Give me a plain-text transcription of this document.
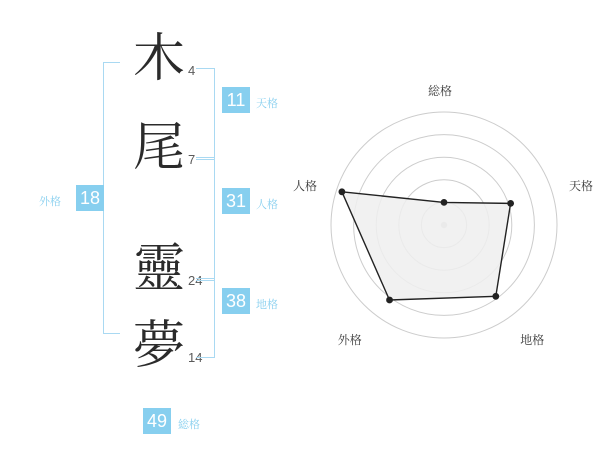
木 4
尾 7
靈 24
夢 14
11 天格
31 人格
38 地格
18
外格
49 総格
総格
天格
地格
外格
人格
